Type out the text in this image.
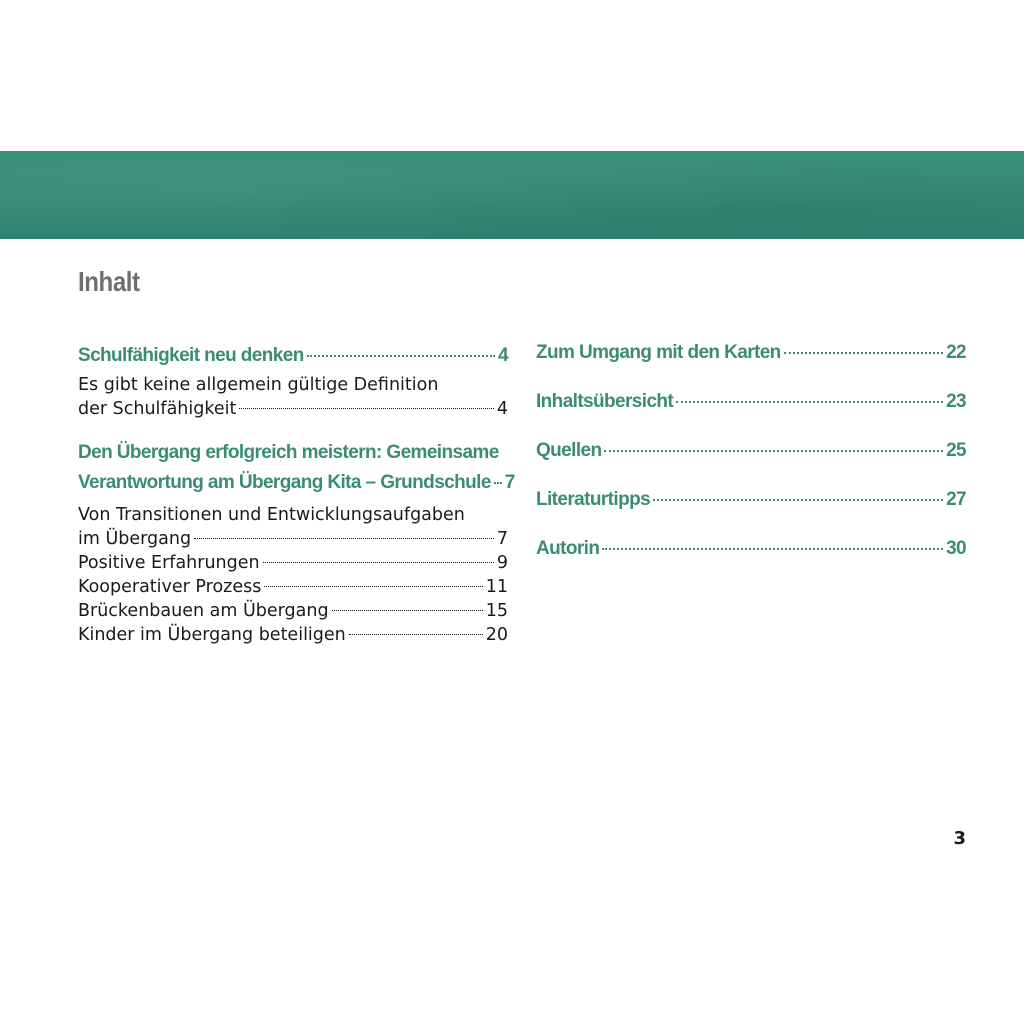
Inhalt
Schulfähigkeit neu denken	4
Es gibt keine allgemein gültige Definition
der Schulfähigkeit	4
Den Übergang erfolgreich meistern: Gemeinsame
Verantwortung am Übergang Kita – Grundschule 7
Von Transitionen und Entwicklungsaufgaben
im Übergang	7
Positive Erfahrungen	9
Kooperativer Prozess	11
Brückenbauen am Übergang	15
Kinder im Übergang beteiligen	20
Zum Umgang mit den Karten	22
Inhaltsübersicht	23
Quellen	25
Literaturtipps	27
Autorin	30
3
